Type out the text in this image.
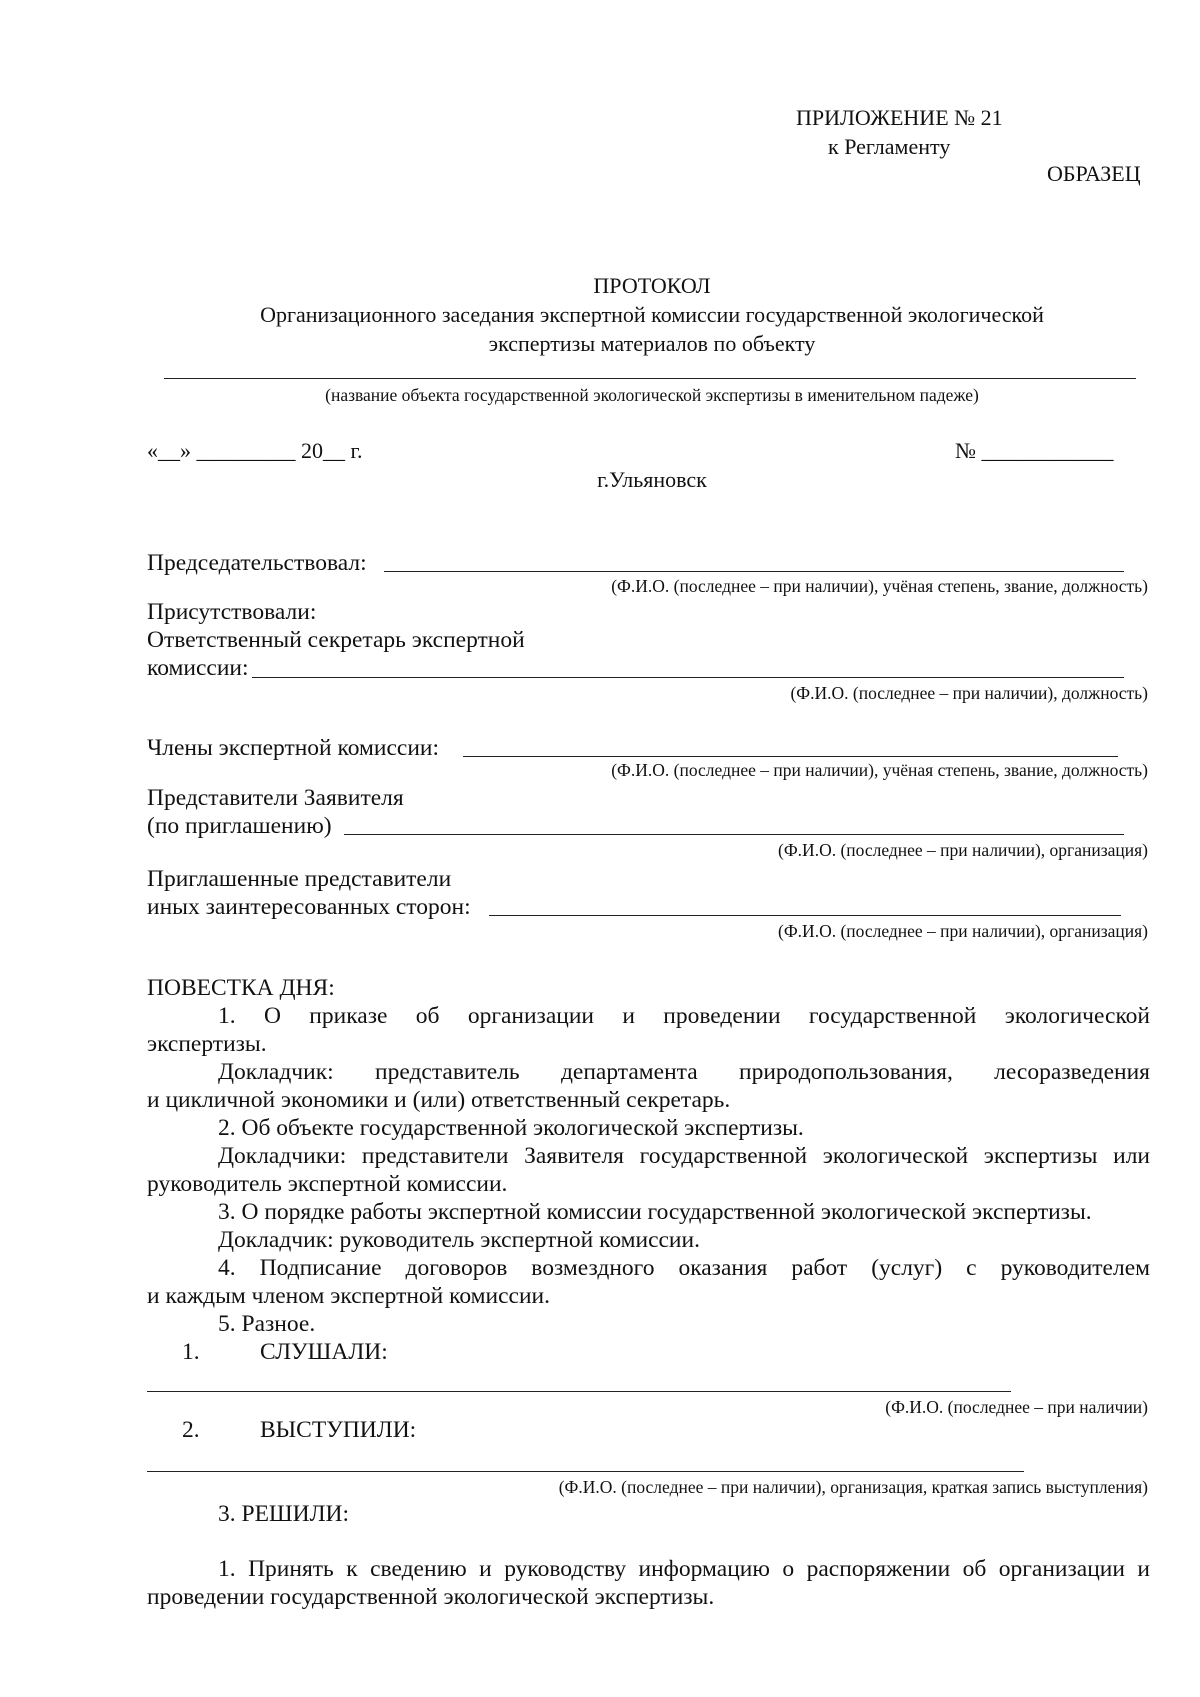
ПРИЛОЖЕНИЕ № 21
к Регламенту
ОБРАЗЕЦ
ПРОТОКОЛ
Организационного заседания экспертной комиссии государственной экологической
экспертизы материалов по объекту
(название объекта государственной экологической экспертизы в именительном падеже)
«__» _________ 20__ г.	№ ____________
г.Ульяновск
Председательствовал:
(Ф.И.О. (последнее – при наличии), учёная степень, звание, должность)
Присутствовали:
Ответственный секретарь экспертной
комиссии:
(Ф.И.О. (последнее – при наличии), должность)
Члены экспертной комиссии:
(Ф.И.О. (последнее – при наличии), учёная степень, звание, должность)
Представители Заявителя
(по приглашению)
(Ф.И.О. (последнее – при наличии), организация)
Приглашенные представители
иных заинтересованных сторон:
(Ф.И.О. (последнее – при наличии), организация)
ПОВЕСТКА ДНЯ:
1. О приказе об организации и проведении государственной экологической
экспертизы.
Докладчик: представитель департамента природопользования, лесоразведения
и цикличной экономики и (или) ответственный секретарь.
2. Об объекте государственной экологической экспертизы.
Докладчики: представители Заявителя государственной экологической экспертизы или
руководитель экспертной комиссии.
3. О порядке работы экспертной комиссии государственной экологической экспертизы.
Докладчик: руководитель экспертной комиссии.
4. Подписание договоров возмездного оказания работ (услуг) с руководителем
и каждым членом экспертной комиссии.
5. Разное.
1.	СЛУШАЛИ:
(Ф.И.О. (последнее – при наличии)
2.	ВЫСТУПИЛИ:
(Ф.И.О. (последнее – при наличии), организация, краткая запись выступления)
3. РЕШИЛИ:
1. Принять к сведению и руководству информацию о распоряжении об организации и
проведении государственной экологической экспертизы.
